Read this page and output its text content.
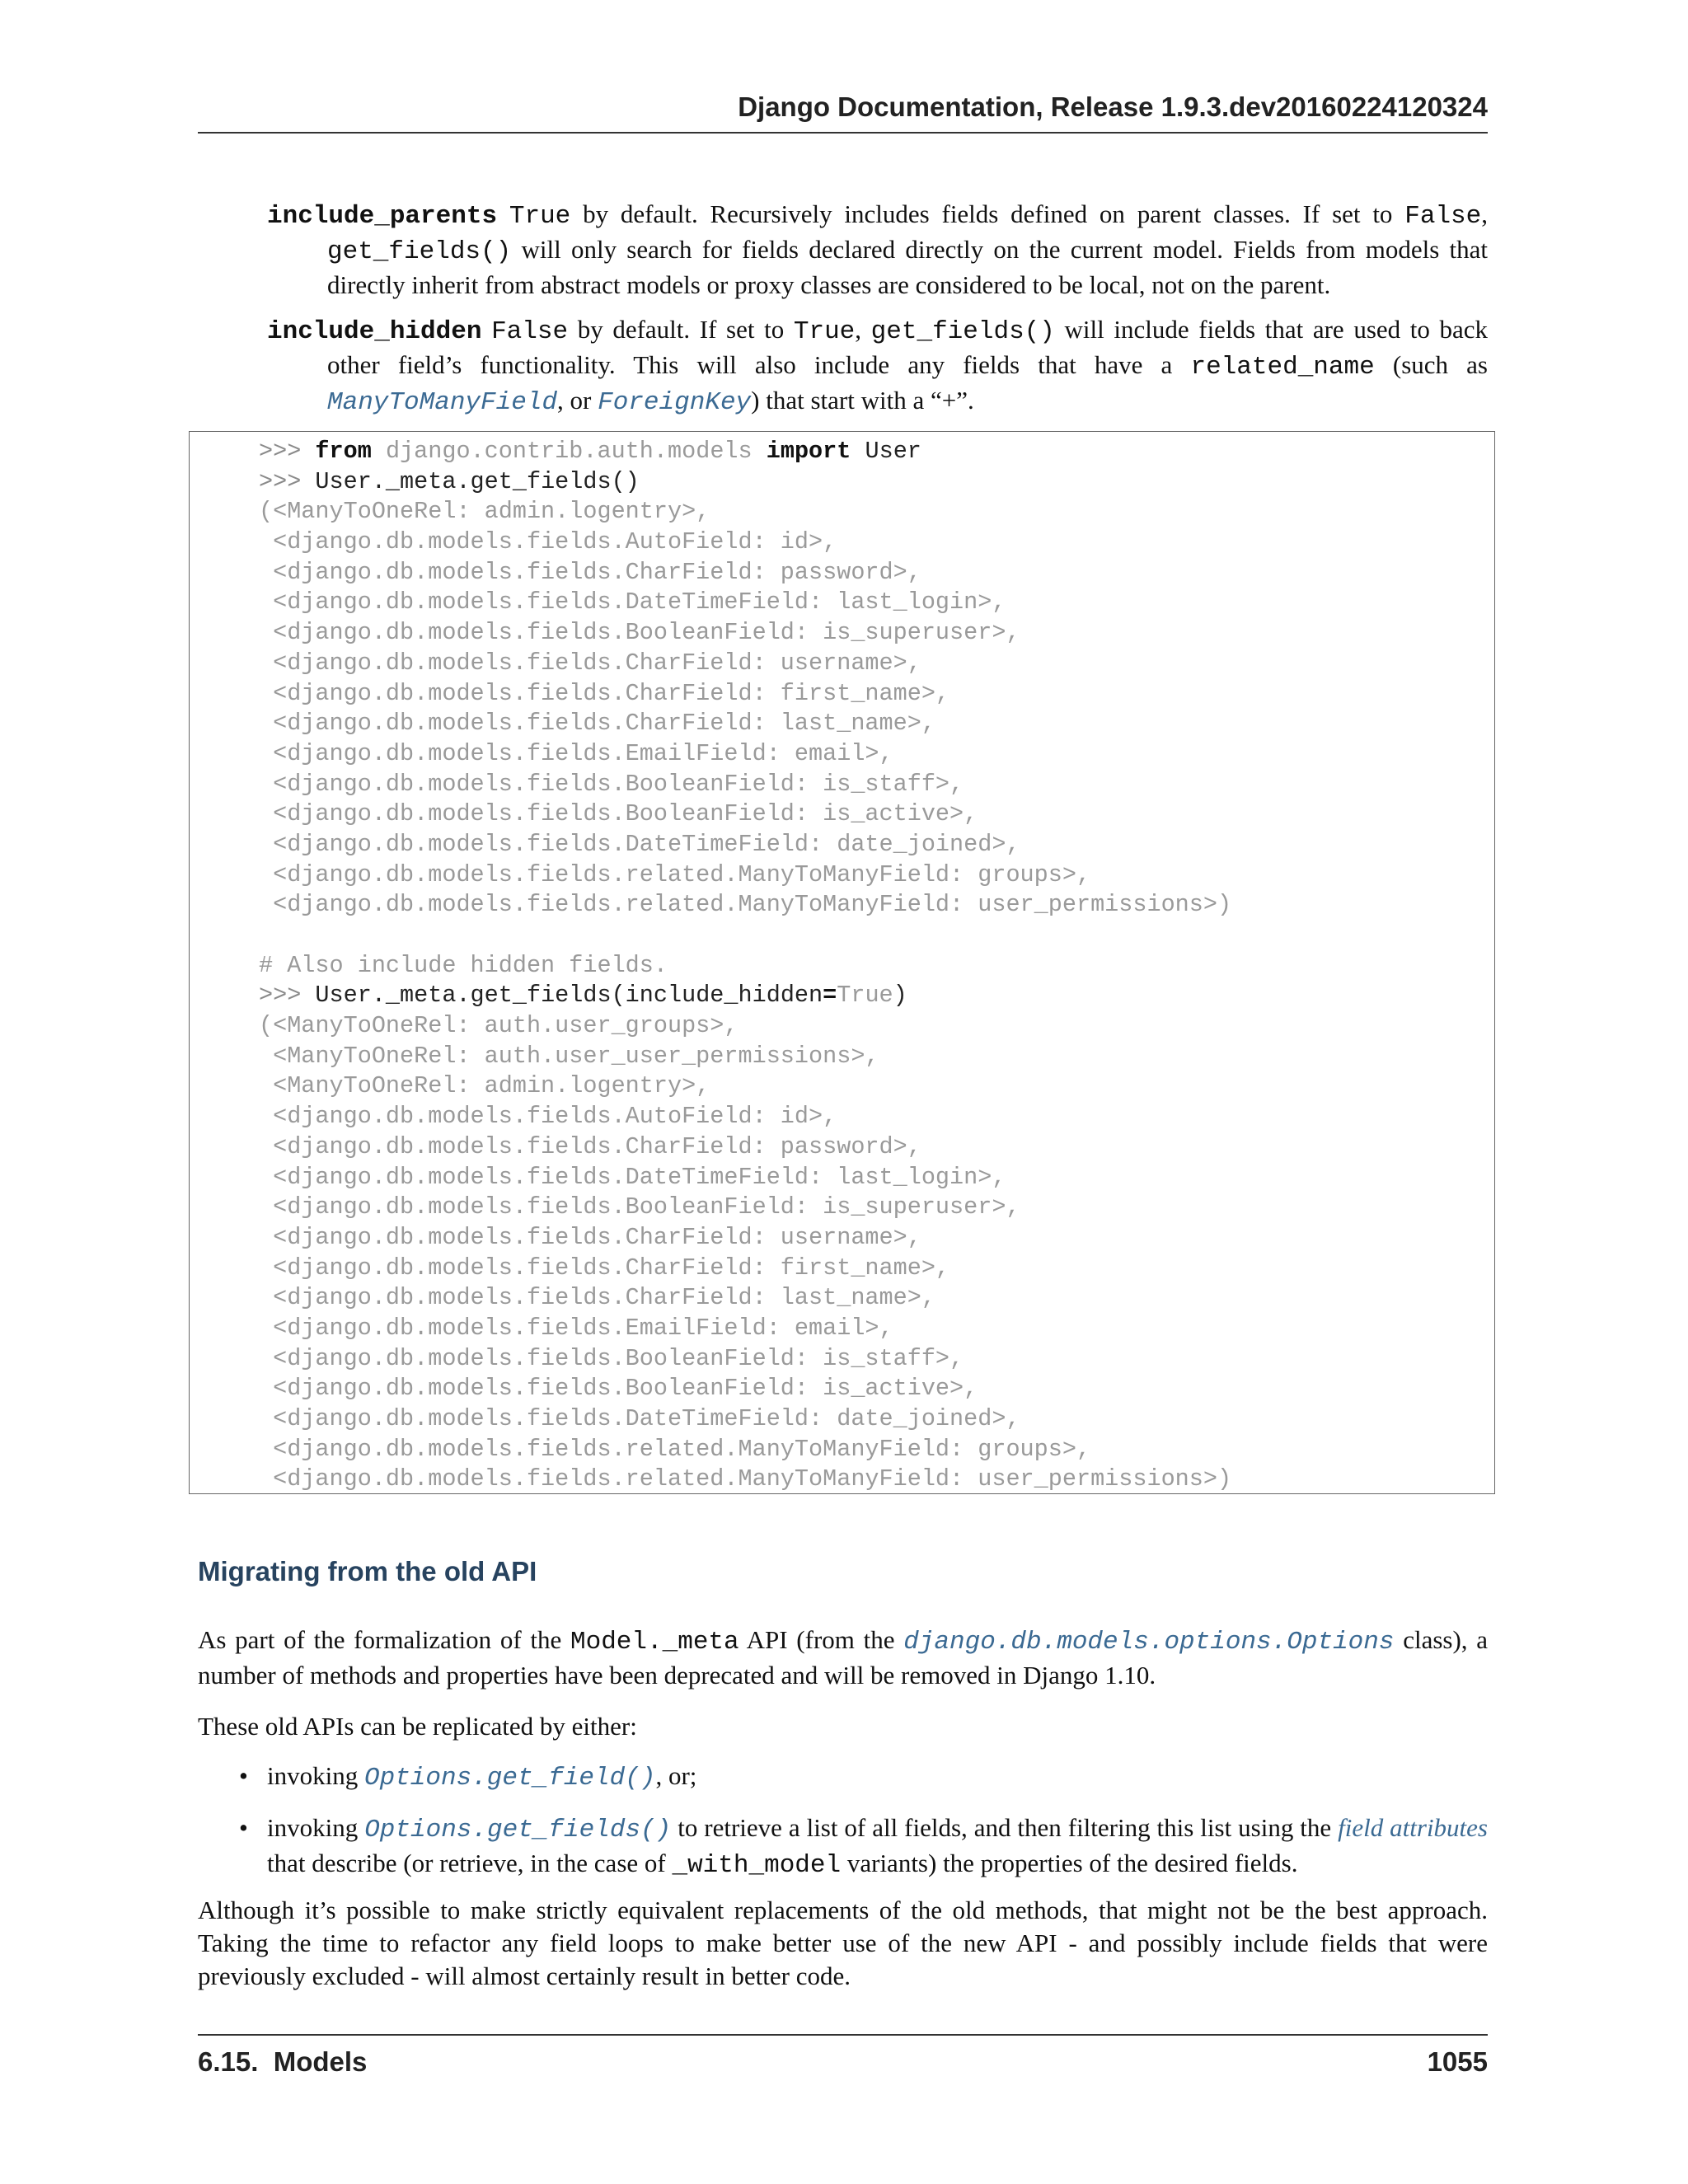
Django Documentation, Release 1.9.3.dev20160224120324

include_parents True by default. Recursively includes fields defined on parent classes. If set to False, get_fields() will only search for fields declared directly on the current model. Fields from models that directly inherit from abstract models or proxy classes are considered to be local, not on the parent.

include_hidden False by default. If set to True, get_fields() will include fields that are used to back other field’s functionality. This will also include any fields that have a related_name (such as ManyToManyField, or ForeignKey) that start with a “+”.

>>> from django.contrib.auth.models import User
>>> User._meta.get_fields()
(<ManyToOneRel: admin.logentry>,
<django.db.models.fields.AutoField: id>,
<django.db.models.fields.CharField: password>,
<django.db.models.fields.DateTimeField: last_login>,
<django.db.models.fields.BooleanField: is_superuser>,
<django.db.models.fields.CharField: username>,
<django.db.models.fields.CharField: first_name>,
<django.db.models.fields.CharField: last_name>,
<django.db.models.fields.EmailField: email>,
<django.db.models.fields.BooleanField: is_staff>,
<django.db.models.fields.BooleanField: is_active>,
<django.db.models.fields.DateTimeField: date_joined>,
<django.db.models.fields.related.ManyToManyField: groups>,
<django.db.models.fields.related.ManyToManyField: user_permissions>)
# Also include hidden fields.
>>> User._meta.get_fields(include_hidden=True)
(<ManyToOneRel: auth.user_groups>,
<ManyToOneRel: auth.user_user_permissions>,
<ManyToOneRel: admin.logentry>,
<django.db.models.fields.AutoField: id>,
<django.db.models.fields.CharField: password>,
<django.db.models.fields.DateTimeField: last_login>,
<django.db.models.fields.BooleanField: is_superuser>,
<django.db.models.fields.CharField: username>,
<django.db.models.fields.CharField: first_name>,
<django.db.models.fields.CharField: last_name>,
<django.db.models.fields.EmailField: email>,
<django.db.models.fields.BooleanField: is_staff>,
<django.db.models.fields.BooleanField: is_active>,
<django.db.models.fields.DateTimeField: date_joined>,
<django.db.models.fields.related.ManyToManyField: groups>,
<django.db.models.fields.related.ManyToManyField: user_permissions>)
Migrating from the old API

As part of the formalization of the Model._meta API (from the django.db.models.options.Options class), a number of methods and properties have been deprecated and will be removed in Django 1.10.

These old APIs can be replicated by either:

• invoking Options.get_field(), or;
• invoking Options.get_fields() to retrieve a list of all fields, and then filtering this list using the field attributes that describe (or retrieve, in the case of _with_model variants) the properties of the desired fields.

Although it’s possible to make strictly equivalent replacements of the old methods, that might not be the best approach. Taking the time to refactor any field loops to make better use of the new API - and possibly include fields that were previously excluded - will almost certainly result in better code.

6.15.  Models	1055
